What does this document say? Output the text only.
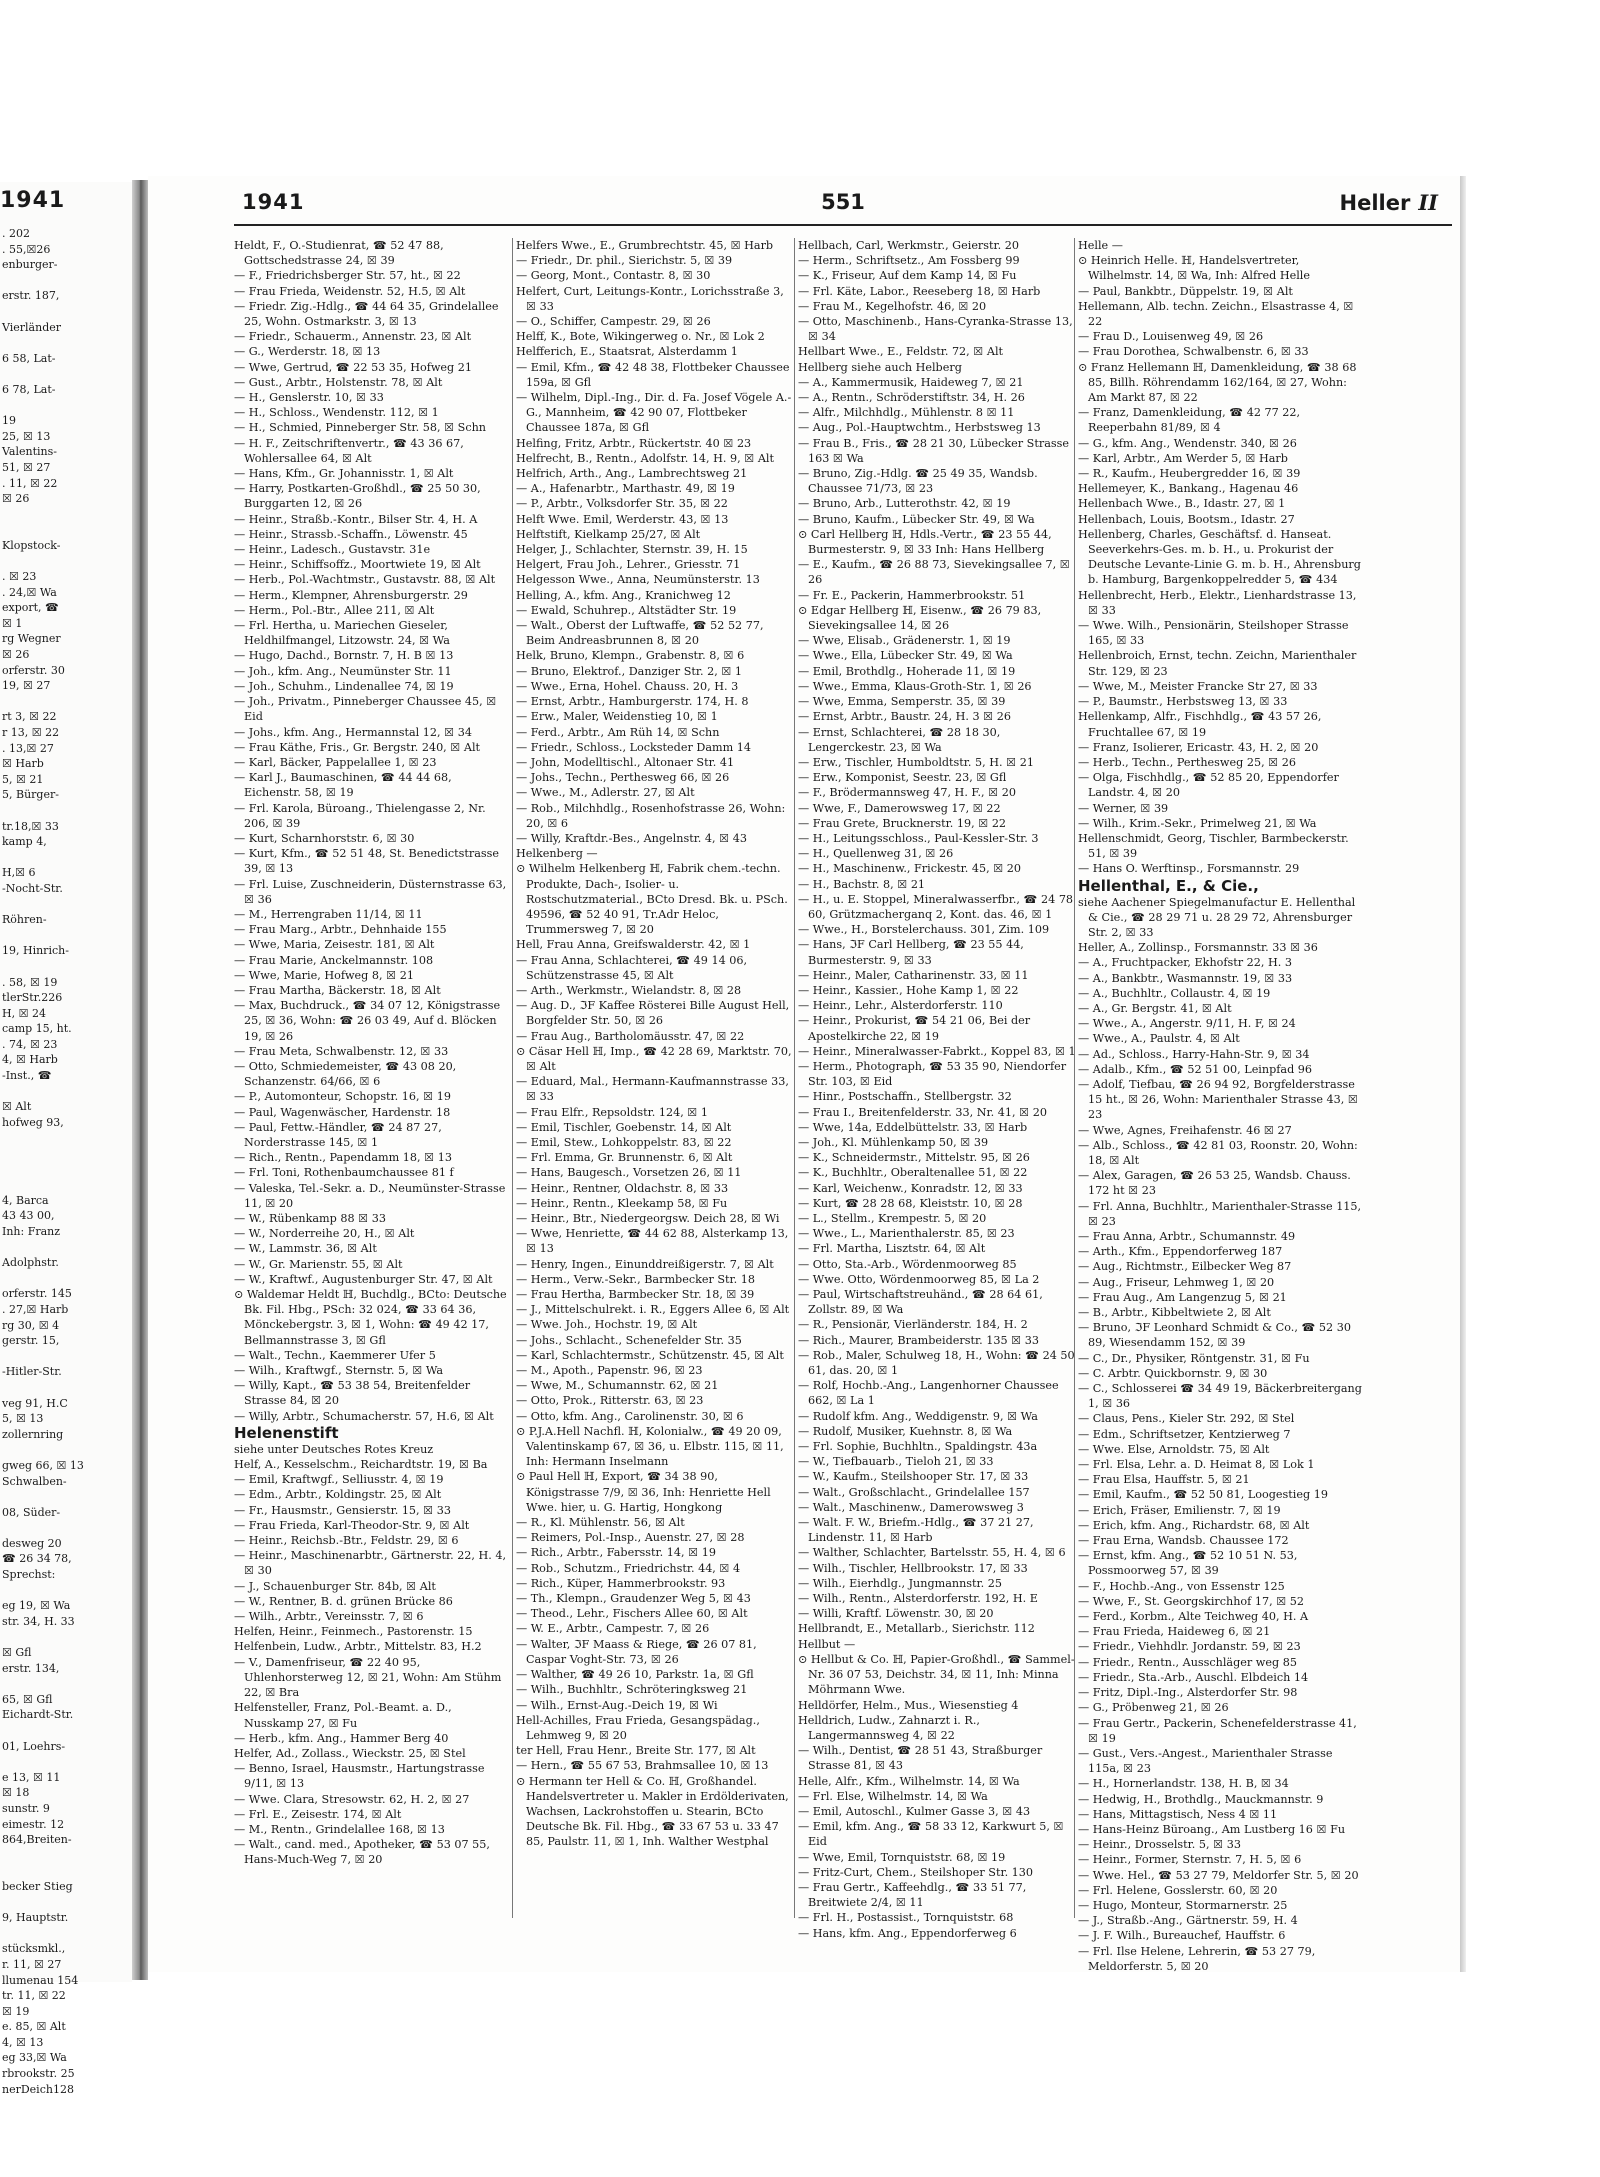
1941
. 202
. 55,☒26
enburger-

erstr. 187,

Vierländer

6 58, Lat-

6 78, Lat-

19
25, ☒ 13
Valentins-
51, ☒ 27
. 11, ☒ 22
☒ 26

Klopstock-

. ☒ 23
. 24,☒ Wa
export, ☎
☒ 1
rg Wegner
☒ 26
orferstr. 30
19, ☒ 27

rt 3, ☒ 22
r 13, ☒ 22
. 13,☒ 27
☒ Harb
5, ☒ 21
5, Bürger-

tr.18,☒ 33
kamp 4,

H,☒ 6
-Nocht-Str.

Röhren-

19, Hinrich-

. 58, ☒ 19
tlerStr.226
H, ☒ 24
camp 15, ht.
. 74, ☒ 23
4, ☒ Harb
-Inst., ☎

☒ Alt
hofweg 93,

4, Barca
43 43 00,
Inh: Franz

Adolphstr.

orferstr. 145
. 27,☒ Harb
rg 30, ☒ 4
gerstr. 15,

-Hitler-Str.

veg 91, H.C
5, ☒ 13
zollernring

gweg 66, ☒ 13
Schwalben-

08, Süder-

desweg 20
☎ 26 34 78,
Sprechst:

eg 19, ☒ Wa
str. 34, H. 33

☒ Gfl
erstr. 134,

65, ☒ Gfl
Eichardt-Str.

01, Loehrs-

e 13, ☒ 11
☒ 18
sunstr. 9
eimestr. 12
864,Breiten-

becker Stieg

9, Hauptstr.

stücksmkl.,
r. 11, ☒ 27
llumenau 154
tr. 11, ☒ 22
☒ 19
e. 85, ☒ Alt
4, ☒ 13
eg 33,☒ Wa
rbrookstr. 25
nerDeich128
1941	551	Heller II
Heldt, F., O.-Studienrat, ☎ 52 47 88, Gottschedstrasse 24, ☒ 39
— F., Friedrichsberger Str. 57, ht., ☒ 22
— Frau Frieda, Weidenstr. 52, H.5, ☒ Alt
— Friedr. Zig.-Hdlg., ☎ 44 64 35, Grindelallee 25, Wohn. Ostmarkstr. 3, ☒ 13
— Friedr., Schauerm., Annenstr. 23, ☒ Alt
— G., Werderstr. 18, ☒ 13
— Wwe, Gertrud, ☎ 22 53 35, Hofweg 21
— Gust., Arbtr., Holstenstr. 78, ☒ Alt
— H., Genslerstr. 10, ☒ 33
— H., Schloss., Wendenstr. 112, ☒ 1
— H., Schmied, Pinneberger Str. 58, ☒ Schn
— H. F., Zeitschriftenvertr., ☎ 43 36 67, Wohlersallee 64, ☒ Alt
— Hans, Kfm., Gr. Johannisstr. 1, ☒ Alt
— Harry, Postkarten-Großhdl., ☎ 25 50 30, Burggarten 12, ☒ 26
— Heinr., Straßb.-Kontr., Bilser Str. 4, H. A
— Heinr., Strassb.-Schaffn., Löwenstr. 45
— Heinr., Ladesch., Gustavstr. 31e
— Heinr., Schiffsoffz., Moortwiete 19, ☒ Alt
— Herb., Pol.-Wachtmstr., Gustavstr. 88, ☒ Alt
— Herm., Klempner, Ahrensburgerstr. 29
— Herm., Pol.-Btr., Allee 211, ☒ Alt
— Frl. Hertha, u. Mariechen Gieseler, Heldhilfmangel, Litzowstr. 24, ☒ Wa
— Hugo, Dachd., Bornstr. 7, H. B ☒ 13
— Joh., kfm. Ang., Neumünster Str. 11
— Joh., Schuhm., Lindenallee 74, ☒ 19
— Joh., Privatm., Pinneberger Chaussee 45, ☒ Eid
— Johs., kfm. Ang., Hermannstal 12, ☒ 34
— Frau Käthe, Fris., Gr. Bergstr. 240, ☒ Alt
— Karl, Bäcker, Pappelallee 1, ☒ 23
— Karl J., Baumaschinen, ☎ 44 44 68, Eichenstr. 58, ☒ 19
— Frl. Karola, Büroang., Thielengasse 2, Nr. 206, ☒ 39
— Kurt, Scharnhorststr. 6, ☒ 30
— Kurt, Kfm., ☎ 52 51 48, St. Benedictstrasse 39, ☒ 13
— Frl. Luise, Zuschneiderin, Düsternstrasse 63, ☒ 36
— M., Herrengraben 11/14, ☒ 11
— Frau Marg., Arbtr., Dehnhaide 155
— Wwe, Maria, Zeisestr. 181, ☒ Alt
— Frau Marie, Anckelmannstr. 108
— Wwe, Marie, Hofweg 8, ☒ 21
— Frau Martha, Bäckerstr. 18, ☒ Alt
— Max, Buchdruck., ☎ 34 07 12, Königstrasse 25, ☒ 36, Wohn: ☎ 26 03 49, Auf d. Blöcken 19, ☒ 26
— Frau Meta, Schwalbenstr. 12, ☒ 33
— Otto, Schmiedemeister, ☎ 43 08 20, Schanzenstr. 64/66, ☒ 6
— P., Automonteur, Schopstr. 16, ☒ 19
— Paul, Wagenwäscher, Hardenstr. 18
— Paul, Fettw.-Händler, ☎ 24 87 27, Norderstrasse 145, ☒ 1
— Rich., Rentn., Papendamm 18, ☒ 13
— Frl. Toni, Rothenbaumchaussee 81 f
— Valeska, Tel.-Sekr. a. D., Neumünster-Strasse 11, ☒ 20
— W., Rübenkamp 88 ☒ 33
— W., Norderreihe 20, H., ☒ Alt
— W., Lammstr. 36, ☒ Alt
— W., Gr. Marienstr. 55, ☒ Alt
— W., Kraftwf., Augustenburger Str. 47, ☒ Alt
⊙ Waldemar Heldt ℍ, Buchdlg., BCto: Deutsche Bk. Fil. Hbg., PSch: 32 024, ☎ 33 64 36, Mönckebergstr. 3, ☒ 1, Wohn: ☎ 49 42 17, Bellmannstrasse 3, ☒ Gfl
— Walt., Techn., Kaemmerer Ufer 5
— Wilh., Kraftwgf., Sternstr. 5, ☒ Wa
— Willy, Kapt., ☎ 53 38 54, Breitenfelder Strasse 84, ☒ 20
— Willy, Arbtr., Schumacherstr. 57, H.6, ☒ Alt
Helenenstift
siehe unter Deutsches Rotes Kreuz
Helf, A., Kesselschm., Reichardtstr. 19, ☒ Ba
— Emil, Kraftwgf., Selliusstr. 4, ☒ 19
— Edm., Arbtr., Koldingstr. 25, ☒ Alt
— Fr., Hausmstr., Gensierstr. 15, ☒ 33
— Frau Frieda, Karl-Theodor-Str. 9, ☒ Alt
— Heinr., Reichsb.-Btr., Feldstr. 29, ☒ 6
— Heinr., Maschinenarbtr., Gärtnerstr. 22, H. 4, ☒ 30
— J., Schauenburger Str. 84b, ☒ Alt
— W., Rentner, B. d. grünen Brücke 86
— Wilh., Arbtr., Vereinsstr. 7, ☒ 6
Helfen, Heinr., Feinmech., Pastorenstr. 15
Helfenbein, Ludw., Arbtr., Mittelstr. 83, H.2
— V., Damenfriseur, ☎ 22 40 95, Uhlenhorsterweg 12, ☒ 21, Wohn: Am Stühm 22, ☒ Bra
Helfensteller, Franz, Pol.-Beamt. a. D., Nusskamp 27, ☒ Fu
— Herb., kfm. Ang., Hammer Berg 40
Helfer, Ad., Zollass., Wieckstr. 25, ☒ Stel
— Benno, Israel, Hausmstr., Hartungstrasse 9/11, ☒ 13
— Wwe. Clara, Stresowstr. 62, H. 2, ☒ 27
— Frl. E., Zeisestr. 174, ☒ Alt
— M., Rentn., Grindelallee 168, ☒ 13
— Walt., cand. med., Apotheker, ☎ 53 07 55, Hans-Much-Weg 7, ☒ 20
Helfers Wwe., E., Grumbrechtstr. 45, ☒ Harb
— Friedr., Dr. phil., Sierichstr. 5, ☒ 39
— Georg, Mont., Contastr. 8, ☒ 30
Helfert, Curt, Leitungs-Kontr., Lorichsstraße 3, ☒ 33
— O., Schiffer, Campestr. 29, ☒ 26
Helff, K., Bote, Wikingerweg o. Nr., ☒ Lok 2
Helfferich, E., Staatsrat, Alsterdamm 1
— Emil, Kfm., ☎ 42 48 38, Flottbeker Chaussee 159a, ☒ Gfl
— Wilhelm, Dipl.-Ing., Dir. d. Fa. Josef Vögele A.-G., Mannheim, ☎ 42 90 07, Flottbeker Chaussee 187a, ☒ Gfl
Helfing, Fritz, Arbtr., Rückertstr. 40 ☒ 23
Helfrecht, B., Rentn., Adolfstr. 14, H. 9, ☒ Alt
Helfrich, Arth., Ang., Lambrechtsweg 21
— A., Hafenarbtr., Marthastr. 49, ☒ 19
— P., Arbtr., Volksdorfer Str. 35, ☒ 22
Helft Wwe. Emil, Werderstr. 43, ☒ 13
Helftstift, Kielkamp 25/27, ☒ Alt
Helger, J., Schlachter, Sternstr. 39, H. 15
Helgert, Frau Joh., Lehrer., Griesstr. 71
Helgesson Wwe., Anna, Neumünsterstr. 13
Helling, A., kfm. Ang., Kranichweg 12
— Ewald, Schuhrep., Altstädter Str. 19
— Walt., Oberst der Luftwaffe, ☎ 52 52 77, Beim Andreasbrunnen 8, ☒ 20
Helk, Bruno, Klempn., Grabenstr. 8, ☒ 6
— Bruno, Elektrof., Danziger Str. 2, ☒ 1
— Wwe., Erna, Hohel. Chauss. 20, H. 3
— Ernst, Arbtr., Hamburgerstr. 174, H. 8
— Erw., Maler, Weidenstieg 10, ☒ 1
— Ferd., Arbtr., Am Rüh 14, ☒ Schn
— Friedr., Schloss., Locksteder Damm 14
— John, Modelltischl., Altonaer Str. 41
— Johs., Techn., Perthesweg 66, ☒ 26
— Wwe., M., Adlerstr. 27, ☒ Alt
— Rob., Milchhdlg., Rosenhofstrasse 26, Wohn: 20, ☒ 6
— Willy, Kraftdr.-Bes., Angelnstr. 4, ☒ 43
Helkenberg —
⊙ Wilhelm Helkenberg ℍ, Fabrik chem.-techn. Produkte, Dach-, Isolier- u. Rostschutzmaterial., BCto Dresd. Bk. u. PSch. 49596, ☎ 52 40 91, Tr.Adr Heloc, Trummersweg 7, ☒ 20
Hell, Frau Anna, Greifswalderstr. 42, ☒ 1
— Frau Anna, Schlachterei, ☎ 49 14 06, Schützenstrasse 45, ☒ Alt
— Arth., Werkmstr., Wielandstr. 8, ☒ 28
— Aug. D., ℑF Kaffee Rösterei Bille August Hell, Borgfelder Str. 50, ☒ 26
— Frau Aug., Bartholomäusstr. 47, ☒ 22
⊙ Cäsar Hell ℍ, Imp., ☎ 42 28 69, Marktstr. 70, ☒ Alt
— Eduard, Mal., Hermann-Kaufmannstrasse 33, ☒ 33
— Frau Elfr., Repsoldstr. 124, ☒ 1
— Emil, Tischler, Goebenstr. 14, ☒ Alt
— Emil, Stew., Lohkoppelstr. 83, ☒ 22
— Frl. Emma, Gr. Brunnenstr. 6, ☒ Alt
— Hans, Baugesch., Vorsetzen 26, ☒ 11
— Heinr., Rentner, Oldachstr. 8, ☒ 33
— Heinr., Rentn., Kleekamp 58, ☒ Fu
— Heinr., Btr., Niedergeorgsw. Deich 28, ☒ Wi
— Wwe, Henriette, ☎ 44 62 88, Alsterkamp 13, ☒ 13
— Henry, Ingen., Einunddreißigerstr. 7, ☒ Alt
— Herm., Verw.-Sekr., Barmbecker Str. 18
— Frau Hertha, Barmbecker Str. 18, ☒ 39
— J., Mittelschulrekt. i. R., Eggers Allee 6, ☒ Alt
— Wwe. Joh., Hochstr. 19, ☒ Alt
— Johs., Schlacht., Schenefelder Str. 35
— Karl, Schlachtermstr., Schützenstr. 45, ☒ Alt
— M., Apoth., Papenstr. 96, ☒ 23
— Wwe, M., Schumannstr. 62, ☒ 21
— Otto, Prok., Ritterstr. 63, ☒ 23
— Otto, kfm. Ang., Carolinenstr. 30, ☒ 6
⊙ P.J.A.Hell Nachfl. ℍ, Kolonialw., ☎ 49 20 09, Valentinskamp 67, ☒ 36, u. Elbstr. 115, ☒ 11, Inh: Hermann Inselmann
⊙ Paul Hell ℍ, Export, ☎ 34 38 90, Königstrasse 7/9, ☒ 36, Inh: Henriette Hell Wwe. hier, u. G. Hartig, Hongkong
— R., Kl. Mühlenstr. 56, ☒ Alt
— Reimers, Pol.-Insp., Auenstr. 27, ☒ 28
— Rich., Arbtr., Fabersstr. 14, ☒ 19
— Rob., Schutzm., Friedrichstr. 44, ☒ 4
— Rich., Küper, Hammerbrookstr. 93
— Th., Klempn., Graudenzer Weg 5, ☒ 43
— Theod., Lehr., Fischers Allee 60, ☒ Alt
— W. E., Arbtr., Campestr. 7, ☒ 26
— Walter, ℑF Maass & Riege, ☎ 26 07 81, Caspar Voght-Str. 73, ☒ 26
— Walther, ☎ 49 26 10, Parkstr. 1a, ☒ Gfl
— Wilh., Buchhltr., Schröteringksweg 21
— Wilh., Ernst-Aug.-Deich 19, ☒ Wi
Hell-Achilles, Frau Frieda, Gesangspädag., Lehmweg 9, ☒ 20
ter Hell, Frau Henr., Breite Str. 177, ☒ Alt
— Hern., ☎ 55 67 53, Brahmsallee 10, ☒ 13
⊙ Hermann ter Hell & Co. ℍ, Großhandel. Handelsvertreter u. Makler in Erdölderivaten, Wachsen, Lackrohstoffen u. Stearin, BCto Deutsche Bk. Fil. Hbg., ☎ 33 67 53 u. 33 47 85, Paulstr. 11, ☒ 1, Inh. Walther Westphal
Hellbach, Carl, Werkmstr., Geierstr. 20
— Herm., Schriftsetz., Am Fossberg 99
— K., Friseur, Auf dem Kamp 14, ☒ Fu
— Frl. Käte, Labor., Reeseberg 18, ☒ Harb
— Frau M., Kegelhofstr. 46, ☒ 20
— Otto, Maschinenb., Hans-Cyranka-Strasse 13, ☒ 34
Hellbart Wwe., E., Feldstr. 72, ☒ Alt
Hellberg siehe auch Helberg
— A., Kammermusik, Haideweg 7, ☒ 21
— A., Rentn., Schröderstiftstr. 34, H. 26
— Alfr., Milchhdlg., Mühlenstr. 8 ☒ 11
— Aug., Pol.-Hauptwchtm., Herbstsweg 13
— Frau B., Fris., ☎ 28 21 30, Lübecker Strasse 163 ☒ Wa
— Bruno, Zig.-Hdlg. ☎ 25 49 35, Wandsb. Chaussee 71/73, ☒ 23
— Bruno, Arb., Lutterothstr. 42, ☒ 19
— Bruno, Kaufm., Lübecker Str. 49, ☒ Wa
⊙ Carl Hellberg ℍ, Hdls.-Vertr., ☎ 23 55 44, Burmesterstr. 9, ☒ 33 Inh: Hans Hellberg
— E., Kaufm., ☎ 26 88 73, Sievekingsallee 7, ☒ 26
— Fr. E., Packerin, Hammerbrookstr. 51
⊙ Edgar Hellberg ℍ, Eisenw., ☎ 26 79 83, Sievekingsallee 14, ☒ 26
— Wwe, Elisab., Grädenerstr. 1, ☒ 19
— Wwe., Ella, Lübecker Str. 49, ☒ Wa
— Emil, Brothdlg., Hoheradе 11, ☒ 19
— Wwe., Emma, Klaus-Groth-Str. 1, ☒ 26
— Wwe, Emma, Semperstr. 35, ☒ 39
— Ernst, Arbtr., Baustr. 24, H. 3 ☒ 26
— Ernst, Schlachterei, ☎ 28 18 30, Lengerckestr. 23, ☒ Wa
— Erw., Tischler, Humboldtstr. 5, H. ☒ 21
— Erw., Komponist, Seestr. 23, ☒ Gfl
— F., Brödermannsweg 47, H. F., ☒ 20
— Wwe, F., Damerowsweg 17, ☒ 22
— Frau Grete, Brucknerstr. 19, ☒ 22
— H., Leitungsschloss., Paul-Kessler-Str. 3
— H., Quellenweg 31, ☒ 26
— H., Maschinenw., Frickestr. 45, ☒ 20
— H., Bachstr. 8, ☒ 21
— H., u. E. Stoppel, Mineralwasserfbr., ☎ 24 78 60, Grützmacherganq 2, Kont. das. 46, ☒ 1
— Wwe., H., Borstelerchauss. 301, Zim. 109
— Hans, ℑF Carl Hellberg, ☎ 23 55 44, Burmesterstr. 9, ☒ 33
— Heinr., Maler, Catharinenstr. 33, ☒ 11
— Heinr., Kassier., Hohe Kamp 1, ☒ 22
— Heinr., Lehr., Alsterdorferstr. 110
— Heinr., Prokurist, ☎ 54 21 06, Bei der Apostelkirche 22, ☒ 19
— Heinr., Mineralwasser-Fabrkt., Koppel 83, ☒ 1
— Herm., Photograph, ☎ 53 35 90, Niendorfer Str. 103, ☒ Eid
— Hinr., Postschaffn., Stellbergstr. 32
— Frau I., Breitenfelderstr. 33, Nr. 41, ☒ 20
— Wwe, 14a, Eddelbüttelstr. 33, ☒ Harb
— Joh., Kl. Mühlenkamp 50, ☒ 39
— K., Schneidermstr., Mittelstr. 95, ☒ 26
— K., Buchhltr., Oberaltenallee 51, ☒ 22
— Karl, Weichenw., Konradstr. 12, ☒ 33
— Kurt, ☎ 28 28 68, Kleiststr. 10, ☒ 28
— L., Stellm., Krempestr. 5, ☒ 20
— Wwe., L., Marienthalerstr. 85, ☒ 23
— Frl. Martha, Lisztstr. 64, ☒ Alt
— Otto, Sta.-Arb., Wördenmoorweg 85
— Wwe. Otto, Wördenmoorweg 85, ☒ La 2
— Paul, Wirtschaftstreuhänd., ☎ 28 64 61, Zollstr. 89, ☒ Wa
— R., Pensionär, Vierländerstr. 184, H. 2
— Rich., Maurer, Brambeiderstr. 135 ☒ 33
— Rob., Maler, Schulweg 18, H., Wohn: ☎ 24 50 61, das. 20, ☒ 1
— Rolf, Hochb.-Ang., Langenhorner Chaussee 662, ☒ La 1
— Rudolf kfm. Ang., Weddigenstr. 9, ☒ Wa
— Rudolf, Musiker, Kuehnstr. 8, ☒ Wa
— Frl. Sophie, Buchhltn., Spaldingstr. 43a
— W., Tiefbauarb., Tieloh 21, ☒ 33
— W., Kaufm., Steilshooper Str. 17, ☒ 33
— Walt., Großschlacht., Grindelallee 157
— Walt., Maschinenw., Damerowsweg 3
— Walt. F. W., Briefm.-Hdlg., ☎ 37 21 27, Lindenstr. 11, ☒ Harb
— Walther, Schlachter, Bartelsstr. 55, H. 4, ☒ 6
— Wilh., Tischler, Hellbrookstr. 17, ☒ 33
— Wilh., Eierhdlg., Jungmannstr. 25
— Wilh., Rentn., Alsterdorferstr. 192, H. E
— Willi, Kraftf. Löwenstr. 30, ☒ 20
Hellbrandt, E., Metallarb., Sierichstr. 112
Hellbut —
⊙ Hellbut & Co. ℍ, Papier-Großhdl., ☎ Sammel-Nr. 36 07 53, Deichstr. 34, ☒ 11, Inh: Minna Möhrmann Wwe.
Helldörfer, Helm., Mus., Wiesenstieg 4
Helldrich, Ludw., Zahnarzt i. R., Langermannsweg 4, ☒ 22
— Wilh., Dentist, ☎ 28 51 43, Straßburger Strasse 81, ☒ 43
Helle, Alfr., Kfm., Wilhelmstr. 14, ☒ Wa
— Frl. Else, Wilhelmstr. 14, ☒ Wa
— Emil, Autoschl., Kulmer Gasse 3, ☒ 43
— Emil, kfm. Ang., ☎ 58 33 12, Karkwurt 5, ☒ Eid
— Wwe, Emil, Tornquiststr. 68, ☒ 19
— Fritz-Curt, Chem., Steilshoper Str. 130
— Frau Gertr., Kaffeehdlg., ☎ 33 51 77, Breitwiete 2/4, ☒ 11
— Frl. H., Postassist., Tornquiststr. 68
— Hans, kfm. Ang., Eppendorferweg 6
Helle —
⊙ Heinrich Helle. ℍ, Handelsvertreter, Wilhelmstr. 14, ☒ Wa, Inh: Alfred Helle
— Paul, Bankbtr., Düppelstr. 19, ☒ Alt
Hellemann, Alb. techn. Zeichn., Elsastrasse 4, ☒ 22
— Frau D., Louisenweg 49, ☒ 26
— Frau Dorothea, Schwalbenstr. 6, ☒ 33
⊙ Franz Hellemann ℍ, Damenkleidung, ☎ 38 68 85, Billh. Röhrendamm 162/164, ☒ 27, Wohn: Am Markt 87, ☒ 22
— Franz, Damenkleidung, ☎ 42 77 22, Reeperbahn 81/89, ☒ 4
— G., kfm. Ang., Wendenstr. 340, ☒ 26
— Karl, Arbtr., Am Werder 5, ☒ Harb
— R., Kaufm., Heubergredder 16, ☒ 39
Hellemeyer, K., Bankang., Hagenau 46
Hellenbach Wwe., B., Idastr. 27, ☒ 1
Hellenbach, Louis, Bootsm., Idastr. 27
Hellenberg, Charles, Geschäftsf. d. Hanseat. Seeverkehrs-Ges. m. b. H., u. Prokurist der Deutsche Levante-Linie G. m. b. H., Ahrensburg b. Hamburg, Bargenkoppelredder 5, ☎ 434
Hellenbrecht, Herb., Elektr., Lienhardstrasse 13, ☒ 33
— Wwe. Wilh., Pensionärin, Steilshoper Strasse 165, ☒ 33
Hellenbroich, Ernst, techn. Zeichn, Marienthaler Str. 129, ☒ 23
— Wwe, M., Meister Francke Str 27, ☒ 33
— P., Baumstr., Herbstsweg 13, ☒ 33
Hellenkamp, Alfr., Fischhdlg., ☎ 43 57 26, Fruchtallee 67, ☒ 19
— Franz, Isolierer, Ericastr. 43, H. 2, ☒ 20
— Herb., Techn., Perthesweg 25, ☒ 26
— Olga, Fischhdlg., ☎ 52 85 20, Eppendorfer Landstr. 4, ☒ 20
— Werner, ☒ 39
— Wilh., Krim.-Sekr., Primelweg 21, ☒ Wa
Hellenschmidt, Georg, Tischler, Barmbeckerstr. 51, ☒ 39
— Hans O. Werftinsp., Forsmannstr. 29
Hellenthal, E., & Cie.,
siehe Aachener Spiegelmanufactur E. Hellenthal & Cie., ☎ 28 29 71 u. 28 29 72, Ahrensburger Str. 2, ☒ 33
Heller, A., Zollinsp., Forsmannstr. 33 ☒ 36
— A., Fruchtpacker, Ekhofstr 22, H. 3
— A., Bankbtr., Wasmannstr. 19, ☒ 33
— A., Buchhltr., Collaustr. 4, ☒ 19
— A., Gr. Bergstr. 41, ☒ Alt
— Wwe., A., Angerstr. 9/11, H. F, ☒ 24
— Wwe., A., Paulstr. 4, ☒ Alt
— Ad., Schloss., Harry-Hahn-Str. 9, ☒ 34
— Adalb., Kfm., ☎ 52 51 00, Leinpfad 96
— Adolf, Tiefbau, ☎ 26 94 92, Borgfelderstrasse 15 ht., ☒ 26, Wohn: Marienthaler Strasse 43, ☒ 23
— Wwe, Agnes, Freihafenstr. 46 ☒ 27
— Alb., Schloss., ☎ 42 81 03, Roonstr. 20, Wohn: 18, ☒ Alt
— Alex, Garagen, ☎ 26 53 25, Wandsb. Chauss. 172 ht ☒ 23
— Frl. Anna, Buchhltr., Marienthaler-Strasse 115, ☒ 23
— Frau Anna, Arbtr., Schumannstr. 49
— Arth., Kfm., Eppendorferweg 187
— Aug., Richtmstr., Eilbecker Weg 87
— Aug., Friseur, Lehmweg 1, ☒ 20
— Frau Aug., Am Langenzug 5, ☒ 21
— B., Arbtr., Kibbeltwiete 2, ☒ Alt
— Bruno, ℑF Leonhard Schmidt & Co., ☎ 52 30 89, Wiesendamm 152, ☒ 39
— C., Dr., Physiker, Röntgenstr. 31, ☒ Fu
— C. Arbtr. Quickbornstr. 9, ☒ 30
— C., Schlosserei ☎ 34 49 19, Bäckerbreitergang 1, ☒ 36
— Claus, Pens., Kieler Str. 292, ☒ Stel
— Edm., Schriftsetzer, Kentzierweg 7
— Wwe. Else, Arnoldstr. 75, ☒ Alt
— Frl. Elsa, Lehr. a. D. Heimat 8, ☒ Lok 1
— Frau Elsa, Hauffstr. 5, ☒ 21
— Emil, Kaufm., ☎ 52 50 81, Loogestieg 19
— Erich, Fräser, Emilienstr. 7, ☒ 19
— Erich, kfm. Ang., Richardstr. 68, ☒ Alt
— Frau Erna, Wandsb. Chaussee 172
— Ernst, kfm. Ang., ☎ 52 10 51 N. 53, Possmoorweg 57, ☒ 39
— F., Hochb.-Ang., von Essenstr 125
— Wwe, F., St. Georgskirchhof 17, ☒ 52
— Ferd., Korbm., Alte Teichweg 40, H. A
— Frau Frieda, Haideweg 6, ☒ 21
— Friedr., Viehhdlr. Jordanstr. 59, ☒ 23
— Friedr., Rentn., Ausschläger weg 85
— Friedr., Sta.-Arb., Auschl. Elbdeich 14
— Fritz, Dipl.-Ing., Alsterdorfer Str. 98
— G., Pröbenweg 21, ☒ 26
— Frau Gertr., Packerin, Schenefelderstrasse 41, ☒ 19
— Gust., Vers.-Angest., Marienthaler Strasse 115a, ☒ 23
— H., Hornerlandstr. 138, H. B, ☒ 34
— Hedwig, H., Brothdlg., Mauckmannstr. 9
— Hans, Mittagstisch, Ness 4 ☒ 11
— Hans-Heinz Büroang., Am Lustberg 16 ☒ Fu
— Heinr., Drosselstr. 5, ☒ 33
— Heinr., Former, Sternstr. 7, H. 5, ☒ 6
— Wwe. Hel., ☎ 53 27 79, Meldorfer Str. 5, ☒ 20
— Frl. Helene, Gosslerstr. 60, ☒ 20
— Hugo, Monteur, Stormarnerstr. 25
— J., Straßb.-Ang., Gärtnerstr. 59, H. 4
— J. F. Wilh., Bureauchef, Hauffstr. 6
— Frl. Ilse Helene, Lehrerin, ☎ 53 27 79, Meldorferstr. 5, ☒ 20
